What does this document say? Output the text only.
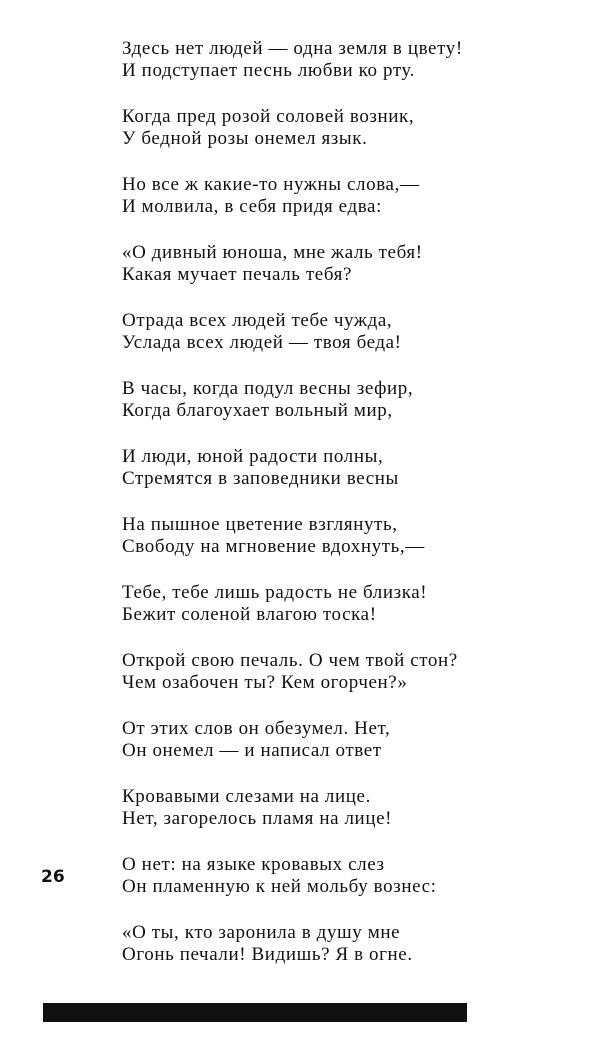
Здесь нет людей — одна земля в цвету!
И подступает песнь любви ко рту.
Когда пред розой соловей возник,
У бедной розы онемел язык.
Но все ж какие-то нужны слова,—
И молвила, в себя придя едва:
«О дивный юноша, мне жаль тебя!
Какая мучает печаль тебя?
Отрада всех людей тебе чужда,
Услада всех людей — твоя беда!
В часы, когда подул весны зефир,
Когда благоухает вольный мир,
И люди, юной радости полны,
Стремятся в заповедники весны
На пышное цветение взглянуть,
Свободу на мгновение вдохнуть,—
Тебе, тебе лишь радость не близка!
Бежит соленой влагою тоска!
Открой свою печаль. О чем твой стон?
Чем озабочен ты? Кем огорчен?»
От этих слов он обезумел. Нет,
Он онемел — и написал ответ
Кровавыми слезами на лице.
Нет, загорелось пламя на лице!
О нет: на языке кровавых слез
Он пламенную к ней мольбу вознес:
«О ты, кто заронила в душу мне
Огонь печали! Видишь? Я в огне.
26
